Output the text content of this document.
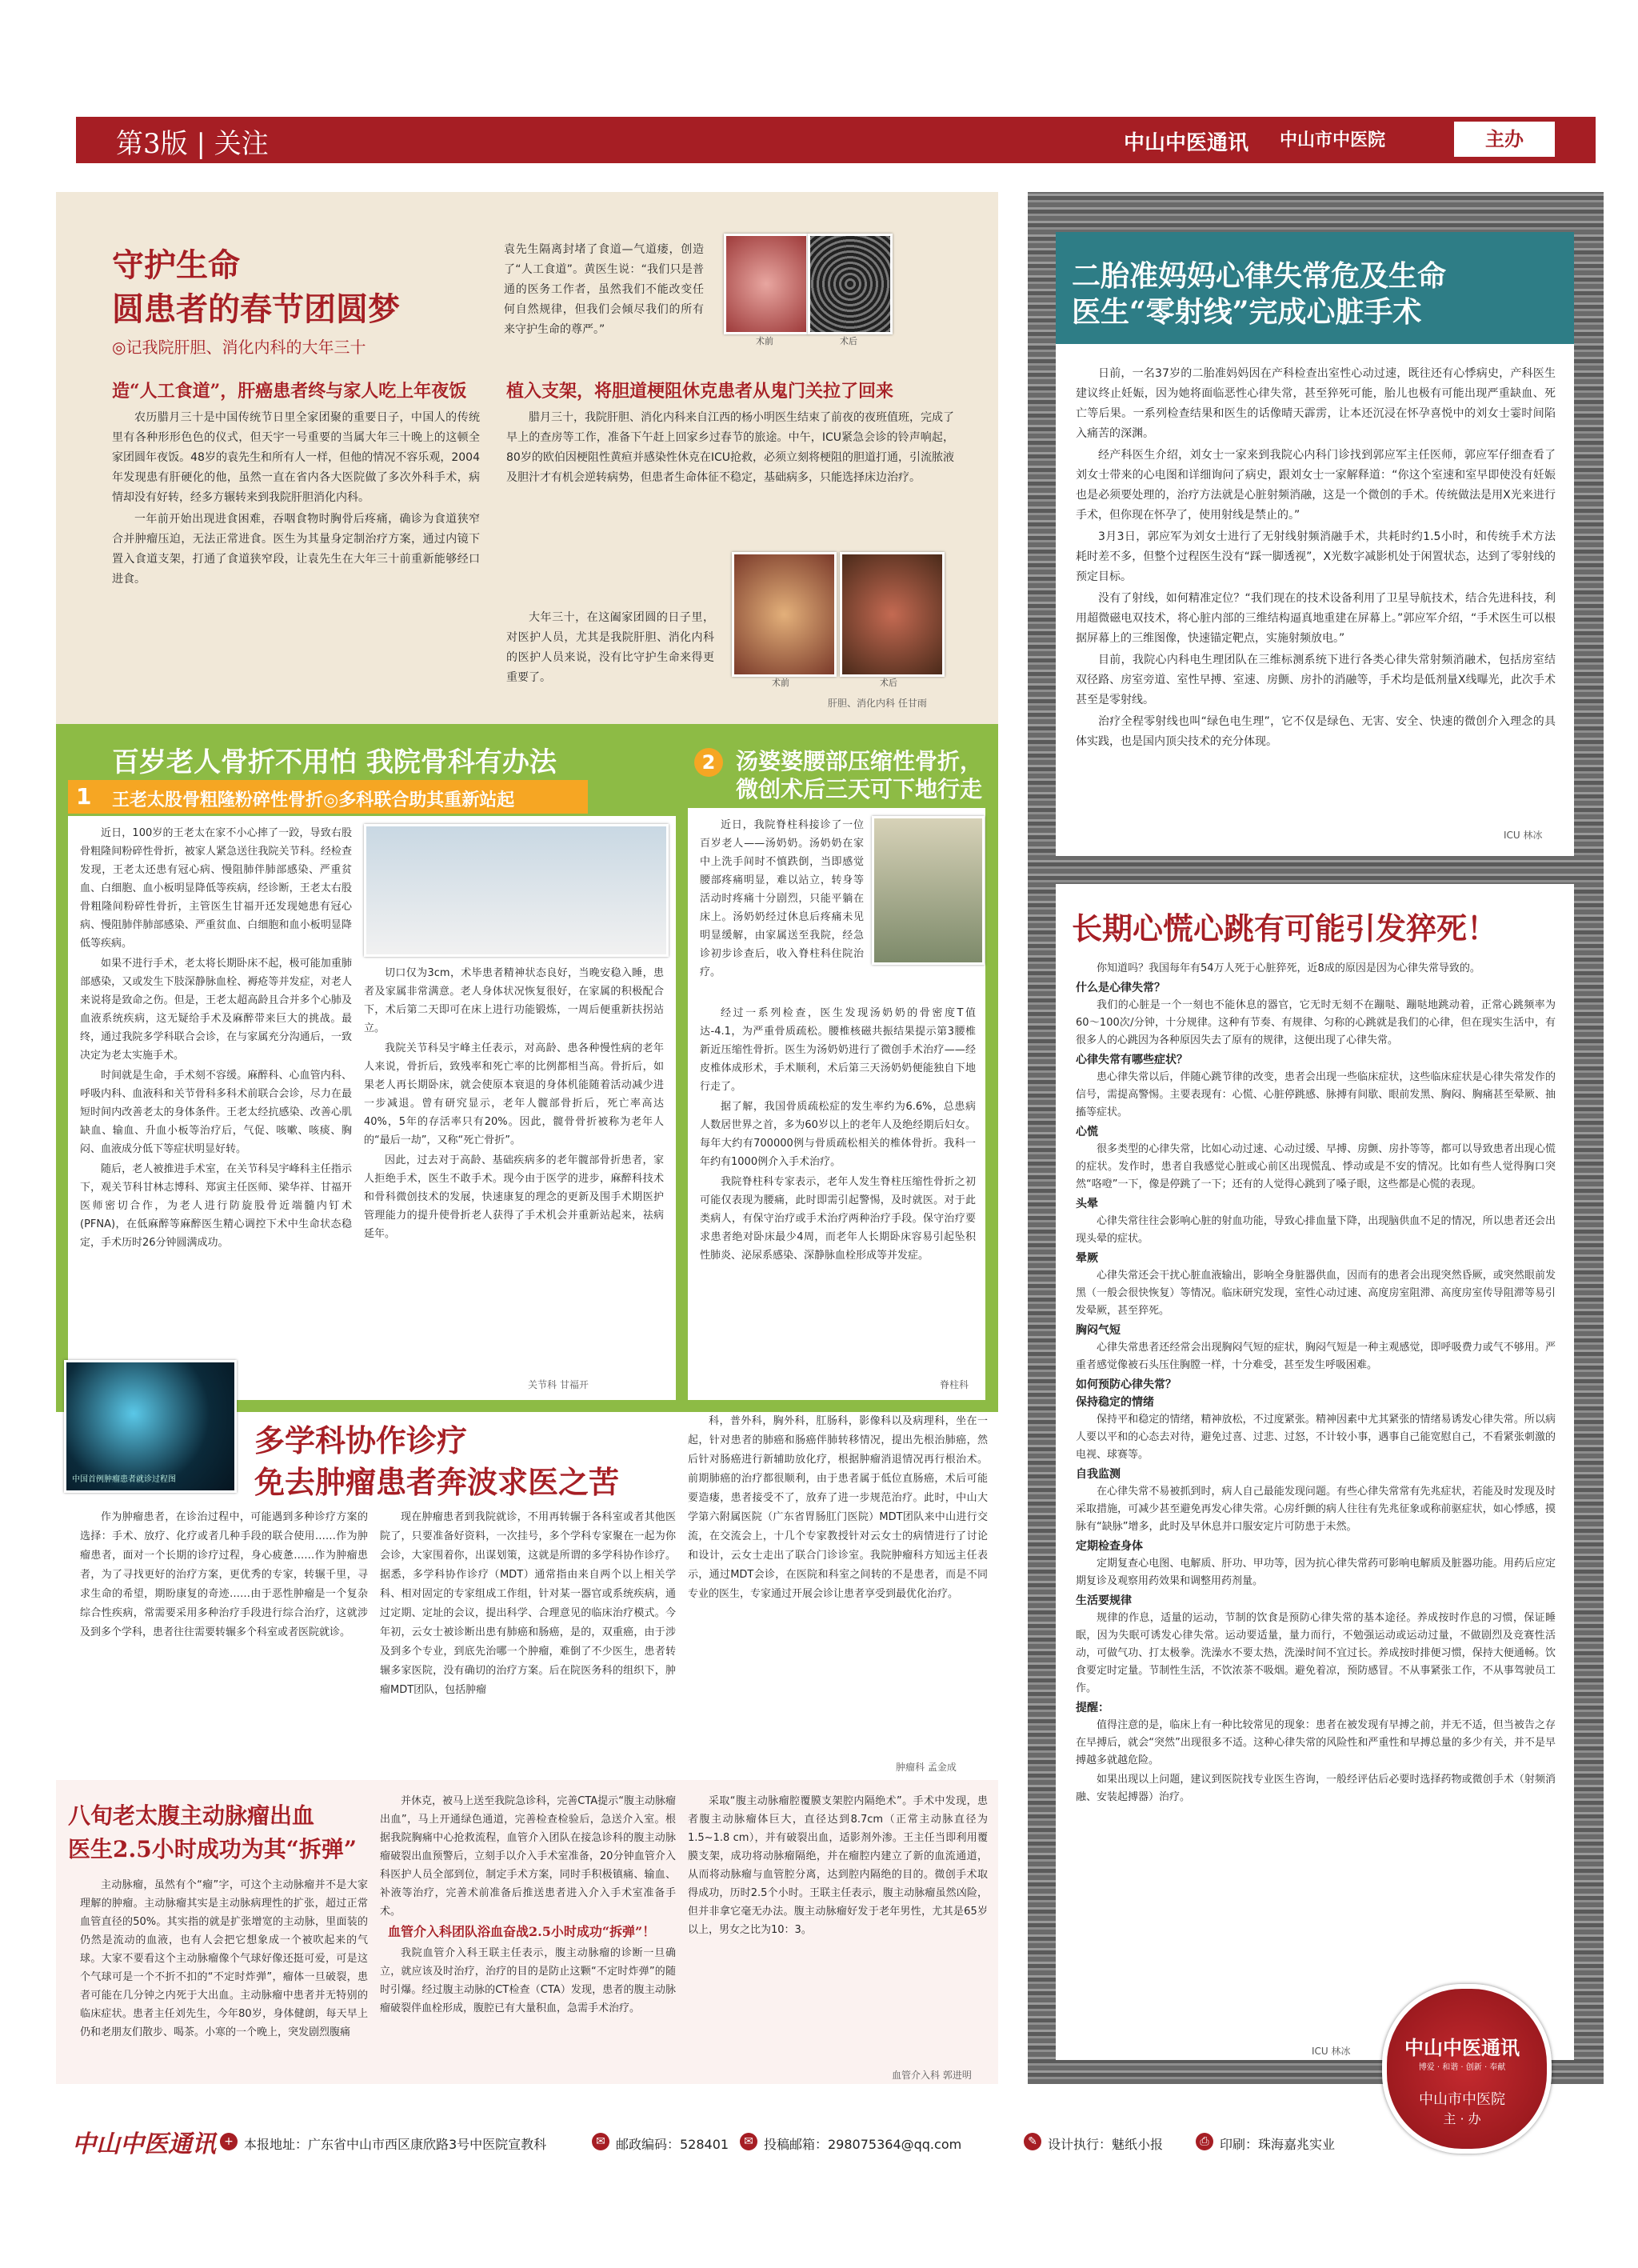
第3版 | 关注	中山中医通讯 中山市中医院	主办
守护生命
圆患者的春节团圆梦
◎记我院肝胆、消化内科的大年三十
袁先生隔离封堵了食道—气道瘘，创造了“人工食道”。黄医生说：“我们只是普通的医务工作者，虽然我们不能改变任何自然规律，但我们会倾尽我们的所有来守护生命的尊严。”
术前	术后
造“人工食道”，肝癌患者终与家人吃上年夜饭

农历腊月三十是中国传统节日里全家团聚的重要日子，中国人的传统里有各种形形色色的仪式，但天宇一号重要的当属大年三十晚上的这顿全家团圆年夜饭。48岁的袁先生和所有人一样，但他的情况不容乐观，2004年发现患有肝硬化的他，虽然一直在省内各大医院做了多次外科手术，病情却没有好转，经多方辗转来到我院肝胆消化内科。

一年前开始出现进食困难，吞咽食物时胸骨后疼痛，确诊为食道狭窄合并肿瘤压迫，无法正常进食。医生为其量身定制治疗方案，通过内镜下置入食道支架，打通了食道狭窄段，让袁先生在大年三十前重新能够经口进食。

植入支架，将胆道梗阻休克患者从鬼门关拉了回来

腊月三十，我院肝胆、消化内科来自江西的杨小明医生结束了前夜的夜班值班，完成了早上的查房等工作，准备下午赶上回家乡过春节的旅途。中午，ICU紧急会诊的铃声响起，80岁的欧伯因梗阻性黄疸并感染性休克在ICU抢救，必须立刻将梗阻的胆道打通，引流脓液及胆汁才有机会逆转病势，但患者生命体征不稳定，基础病多，只能选择床边治疗。

大年三十，在这阖家团圆的日子里，对医护人员，尤其是我院肝胆、消化内科的医护人员来说，没有比守护生命来得更重要了。	术前	术后
肝胆、消化内科 任甘雨
二胎准妈妈心律失常危及生命
医生“零射线”完成心脏手术

日前，一名37岁的二胎准妈妈因在产科检查出室性心动过速，既往还有心悸病史，产科医生建议终止妊娠，因为她将面临恶性心律失常，甚至猝死可能，胎儿也极有可能出现严重缺血、死亡等后果。一系列检查结果和医生的话像晴天霹雳，让本还沉浸在怀孕喜悦中的刘女士霎时间陷入痛苦的深渊。

经产科医生介绍，刘女士一家来到我院心内科门诊找到郭应军主任医师，郭应军仔细查看了刘女士带来的心电图和详细询问了病史，跟刘女士一家解释道：“你这个室速和室早即使没有妊娠也是必须要处理的，治疗方法就是心脏射频消融，这是一个微创的手术。传统做法是用X光来进行手术，但你现在怀孕了，使用射线是禁止的。”

3月3日，郭应军为刘女士进行了无射线射频消融手术，共耗时约1.5小时，和传统手术方法耗时差不多，但整个过程医生没有“踩一脚透视”，X光数字减影机处于闲置状态，达到了零射线的预定目标。

没有了射线，如何精准定位？“我们现在的技术设备利用了卫星导航技术，结合先进科技，利用超微磁电双技术，将心脏内部的三维结构逼真地重建在屏幕上。”郭应军介绍，“手术医生可以根据屏幕上的三维图像，快速锚定靶点，实施射频放电。”

目前，我院心内科电生理团队在三维标测系统下进行各类心律失常射频消融术，包括房室结双径路、房室旁道、室性早搏、室速、房颤、房扑的消融等，手术均是低剂量X线曝光，此次手术甚至是零射线。

治疗全程零射线也叫“绿色电生理”，它不仅是绿色、无害、安全、快速的微创介入理念的具体实践，也是国内顶尖技术的充分体现。

ICU 林冰
长期心慌心跳有可能引发猝死！

你知道吗？我国每年有54万人死于心脏猝死，近8成的原因是因为心律失常导致的。

什么是心律失常？

我们的心脏是一个一刻也不能休息的器官，它无时无刻不在蹦哒、蹦哒地跳动着，正常心跳频率为60～100次/分钟，十分规律。这种有节奏、有规律、匀称的心跳就是我们的心律，但在现实生活中，有很多人的心跳因为各种原因失去了原有的规律，这便出现了心律失常。

心律失常有哪些症状？

患心律失常以后，伴随心跳节律的改变，患者会出现一些临床症状，这些临床症状是心律失常发作的信号，需提高警惕。主要表现有：心慌、心脏停跳感、脉搏有间歇、眼前发黑、胸闷、胸痛甚至晕厥、抽搐等症状。

心慌

很多类型的心律失常，比如心动过速、心动过缓、早搏、房颤、房扑等等，都可以导致患者出现心慌的症状。发作时，患者自我感觉心脏或心前区出现慌乱、悸动或是不安的情况。比如有些人觉得胸口突然“咯噔”一下，像是停跳了一下；还有的人觉得心跳到了嗓子眼，这些都是心慌的表现。

头晕

心律失常往往会影响心脏的射血功能，导致心排血量下降，出现脑供血不足的情况，所以患者还会出现头晕的症状。

晕厥

心律失常还会干扰心脏血液输出，影响全身脏器供血，因而有的患者会出现突然昏厥，或突然眼前发黑（一般会很快恢复）等情况。临床研究发现，室性心动过速、高度房室阻滞、高度房室传导阻滞等易引发晕厥，甚至猝死。

胸闷气短

心律失常患者还经常会出现胸闷气短的症状，胸闷气短是一种主观感觉，即呼吸费力或气不够用。严重者感觉像被石头压住胸膛一样，十分难受，甚至发生呼吸困难。

如何预防心律失常？
保持稳定的情绪

保持平和稳定的情绪，精神放松，不过度紧张。精神因素中尤其紧张的情绪易诱发心律失常。所以病人要以平和的心态去对待，避免过喜、过悲、过怒，不计较小事，遇事自己能宽慰自己，不看紧张刺激的电视、球赛等。

自我监测

在心律失常不易被抓到时，病人自己最能发现问题。有些心律失常常有先兆症状，若能及时发现及时采取措施，可减少甚至避免再发心律失常。心房纤颤的病人往往有先兆征象或称前驱症状，如心悸感，摸脉有“缺脉”增多，此时及早休息并口服安定片可防患于未然。

定期检查身体

定期复查心电图、电解质、肝功、甲功等，因为抗心律失常药可影响电解质及脏器功能。用药后应定期复诊及观察用药效果和调整用药剂量。

生活要规律

规律的作息，适量的运动，节制的饮食是预防心律失常的基本途径。养成按时作息的习惯，保证睡眠，因为失眠可诱发心律失常。运动要适量，量力而行，不勉强运动或运动过量，不做剧烈及竞赛性活动，可做气功、打太极拳。洗澡水不要太热，洗澡时间不宜过长。养成按时排便习惯，保持大便通畅。饮食要定时定量。节制性生活，不饮浓茶不吸烟。避免着凉，预防感冒。不从事紧张工作，不从事驾驶员工作。

提醒：

值得注意的是，临床上有一种比较常见的现象：患者在被发现有早搏之前，并无不适，但当被告之存在早搏后，就会“突然”出现很多不适。这种心律失常的风险性和严重性和早搏总量的多少有关，并不是早搏越多就越危险。

如果出现以上问题，建议到医院找专业医生咨询，一般经评估后必要时选择药物或微创手术（射频消融、安装起搏器）治疗。

ICU 林冰
百岁老人骨折不用怕 我院骨科有办法
1 王老太股骨粗隆粉碎性骨折◎多科联合助其重新站起

近日，100岁的王老太在家不小心摔了一跤，导致右股骨粗隆间粉碎性骨折，被家人紧急送往我院关节科。经检查发现，王老太还患有冠心病、慢阻肺伴肺部感染、严重贫血、白细胞、血小板明显降低等疾病，经诊断，王老太右股骨粗隆间粉碎性骨折，主管医生甘福开还发现她患有冠心病、慢阻肺伴肺部感染、严重贫血、白细胞和血小板明显降低等疾病。

如果不进行手术，老太将长期卧床不起，极可能加重肺部感染，又或发生下肢深静脉血栓、褥疮等并发症，对老人来说将是致命之伤。但是，王老太超高龄且合并多个心肺及血液系统疾病，这无疑给手术及麻醉带来巨大的挑战。最终，通过我院多学科联合会诊，在与家属充分沟通后，一致决定为老太实施手术。

时间就是生命，手术刻不容缓。麻醉科、心血管内科、呼吸内科、血液科和关节骨科多科术前联合会诊，尽力在最短时间内改善老太的身体条件。王老太经抗感染、改善心肌缺血、输血、升血小板等治疗后，气促、咳嗽、咳痰、胸闷、血液成分低下等症状明显好转。

随后，老人被推进手术室，在关节科吴宇峰科主任指示下，观关节科甘林志博科、郑寅主任医师、梁华祥、甘福开医师密切合作，为老人进行防旋股骨近端髓内钉术(PFNA)，在低麻醉等麻醉医生精心调控下术中生命状态稳定，手术历时26分钟圆满成功。

切口仅为3cm，术毕患者精神状态良好，当晚安稳入睡，患者及家属非常满意。老人身体状况恢复很好，在家属的积极配合下，术后第二天即可在床上进行功能锻炼，一周后便重新扶拐站立。

我院关节科吴宇峰主任表示，对高龄、患各种慢性病的老年人来说，骨折后，致残率和死亡率的比例都相当高。骨折后，如果老人再长期卧床，就会使原本衰退的身体机能随着活动减少进一步减退。曾有研究显示，老年人髋部骨折后，死亡率高达40%，5年的存活率只有20%。因此，髋骨骨折被称为老年人的“最后一劫”，又称“死亡骨折”。

因此，过去对于高龄、基础疾病多的老年髋部骨折患者，家人拒绝手术，医生不敢手术。现今由于医学的进步，麻醉科技术和骨科微创技术的发展，快速康复的理念的更新及围手术期医护管理能力的提升使骨折老人获得了手术机会并重新站起来，祛病延年。

关节科 甘福开
2 汤婆婆腰部压缩性骨折，
微创术后三天可下地行走

近日，我院脊柱科接诊了一位百岁老人——汤奶奶。汤奶奶在家中上洗手间时不慎跌倒，当即感觉腰部疼痛明显，难以站立，转身等活动时疼痛十分剧烈，只能平躺在床上。汤奶奶经过休息后疼痛未见明显缓解，由家属送至我院，经急诊初步诊查后，收入脊柱科住院治疗。

经过一系列检查，医生发现汤奶奶的骨密度T值达-4.1，为严重骨质疏松。腰椎核磁共振结果提示第3腰椎新近压缩性骨折。医生为汤奶奶进行了微创手术治疗——经皮椎体成形术，手术顺利，术后第三天汤奶奶便能独自下地行走了。

据了解，我国骨质疏松症的发生率约为6.6%，总患病人数居世界之首，多为60岁以上的老年人及绝经期后妇女。每年大约有700000例与骨质疏松相关的椎体骨折。我科一年约有1000例介入手术治疗。

我院脊柱科专家表示，老年人发生脊柱压缩性骨折之初可能仅表现为腰痛，此时即需引起警惕，及时就医。对于此类病人，有保守治疗或手术治疗两种治疗手段。保守治疗要求患者绝对卧床最少4周，而老年人长期卧床容易引起坠积性肺炎、泌尿系感染、深静脉血栓形成等并发症。

脊柱科
中国首例肿瘤患者就诊过程图
多学科协作诊疗
免去肿瘤患者奔波求医之苦

作为肿瘤患者，在诊治过程中，可能遇到多种诊疗方案的选择：手术、放疗、化疗或者几种手段的联合使用……作为肿瘤患者，面对一个长期的诊疗过程，身心疲惫……作为肿瘤患者，为了寻找更好的治疗方案，更优秀的专家，转辗千里，寻求生命的希望，期盼康复的奇迹……由于恶性肿瘤是一个复杂综合性疾病，常需要采用多种治疗手段进行综合治疗，这就涉及到多个学科，患者往往需要转辗多个科室或者医院就诊。

现在肿瘤患者到我院就诊，不用再转辗于各科室或者其他医院了，只要准备好资料，一次挂号，多个学科专家聚在一起为你会诊，大家围着你，出谋划策，这就是所谓的多学科协作诊疗。据悉，多学科协作诊疗（MDT）通常指由来自两个以上相关学科、相对固定的专家组成工作组，针对某一器官或系统疾病，通过定期、定址的会议，提出科学、合理意见的临床治疗模式。今年初，云女士被诊断出患有肺癌和肠癌，是的，双重癌，由于涉及到多个专业，到底先治哪一个肿瘤，难倒了不少医生，患者转辗多家医院，没有确切的治疗方案。后在院医务科的组织下，肿瘤MDT团队，包括肿瘤

科，普外科，胸外科，肛肠科，影像科以及病理科，坐在一起，针对患者的肺癌和肠癌伴肺转移情况，提出先根治肺癌，然后针对肠癌进行新辅助放化疗，根据肿瘤消退情况再行根治术。前期肺癌的治疗都很顺利，由于患者属于低位直肠癌，术后可能要造瘘，患者接受不了，放弃了进一步规范治疗。此时，中山大学第六附属医院（广东省胃肠肛门医院）MDT团队来中山进行交流，在交流会上，十几个专家教授针对云女士的病情进行了讨论和设计，云女士走出了联合门诊诊室。我院肿瘤科方知远主任表示，通过MDT会诊，在医院和科室之间转的不是患者，而是不同专业的医生，专家通过开展会诊让患者享受到最优化治疗。

肿瘤科 孟金成
八旬老太腹主动脉瘤出血
医生2.5小时成功为其“拆弹”

主动脉瘤，虽然有个“瘤”字，可这个主动脉瘤并不是大家理解的肿瘤。主动脉瘤其实是主动脉病理性的扩张，超过正常血管直径的50%。其实指的就是扩张增宽的主动脉，里面装的仍然是流动的血液，也有人会把它想象成一个被吹起来的气球。大家不要看这个主动脉瘤像个气球好像还挺可爱，可是这个气球可是一个不折不扣的“不定时炸弹”，瘤体一旦破裂，患者可能在几分钟之内死于大出血。主动脉瘤中患者并无特别的临床症状。患者主任刘先生，今年80岁，身体健朗，每天早上仍和老朋友们散步、喝茶。小寒的一个晚上，突发剧烈腹痛

并休克，被马上送至我院急诊科，完善CTA提示“腹主动脉瘤出血”，马上开通绿色通道，完善检查检验后，急送介入室。根据我院胸痛中心抢救流程，血管介入团队在接急诊科的腹主动脉瘤破裂出血预警后，立刻手以介入手术室准备，20分钟血管介入科医护人员全部到位，制定手术方案，同时手积极镇痛、输血、补液等治疗，完善术前准备后推送患者进入介入手术室准备手术。

血管介入科团队浴血奋战2.5小时成功“拆弹”！

我院血管介入科王联主任表示，腹主动脉瘤的诊断一旦确立，就应该及时治疗，治疗的目的是防止这颗“不定时炸弹”的随时引爆。经过腹主动脉的CT检查（CTA）发现，患者的腹主动脉瘤破裂伴血栓形成，腹腔已有大量积血，急需手术治疗。

采取“腹主动脉瘤腔覆膜支架腔内隔绝术”。手术中发现，患者腹主动脉瘤体巨大，直径达到8.7cm（正常主动脉直径为1.5~1.8 cm），并有破裂出血，适影剂外渗。王主任当即利用覆膜支架，成功将动脉瘤隔绝，并在瘤腔内建立了新的血流通道，从而将动脉瘤与血管腔分离，达到腔内隔绝的目的。微创手术取得成功，历时2.5个小时。王联主任表示，腹主动脉瘤虽然凶险，但并非拿它毫无办法。腹主动脉瘤好发于老年男性，尤其是65岁以上，男女之比为10：3。

血管介入科 郭进明
中山中医通讯 + 本报地址：广东省中山市西区康欣路3号中医院宣教科	✉ 邮政编码：528401	✉ 投稿邮箱：298075364@qq.com	✎ 设计执行：魅纸小报	⎙ 印刷：珠海嘉兆实业
中山中医通讯
博爱 · 和谐 · 创新 · 奉献
中山市中医院
主 · 办
